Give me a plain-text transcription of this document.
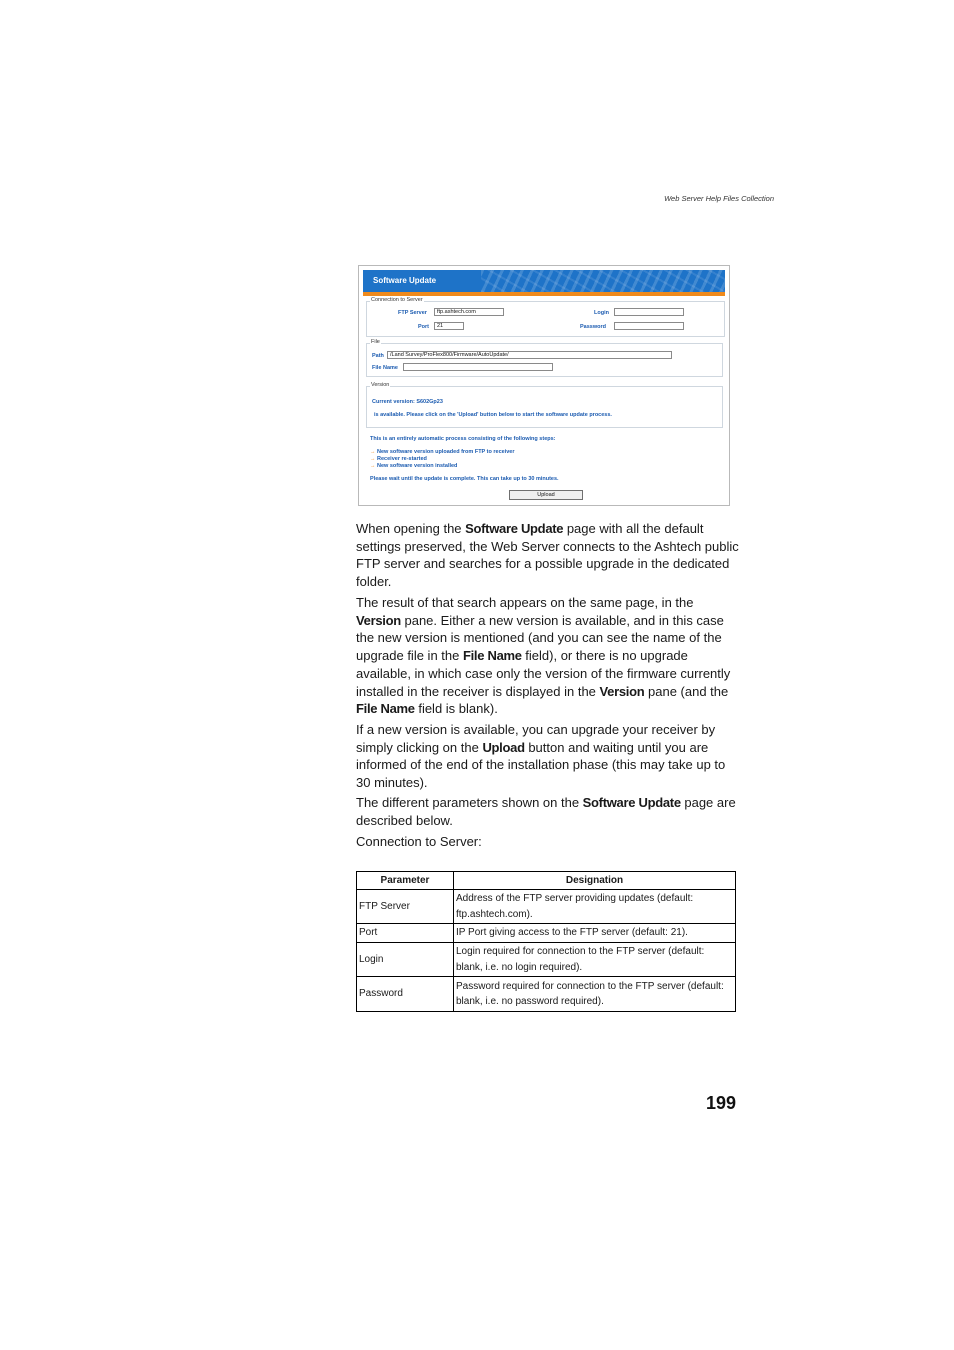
Web Server Help Files Collection
Software Update
Connection to Server
FTP Server	ftp.ashtech.com
Port	21
Login
Password
File
Path	/Land Survey/ProFlex800/Firmware/AutoUpdate/
File Name
Version
Current version: S602Gp23
is available. Please click on the 'Upload' button below to start the software update process.
This is an entirely automatic process consisting of the following steps:
→ New software version uploaded from FTP to receiver
→ Receiver re-started
→ New software version installed
Please wait until the update is complete. This can take up to 30 minutes.
Upload

When opening the Software Update page with all the default settings preserved, the Web Server connects to the Ashtech public FTP server and searches for a possible upgrade in the dedicated folder.

The result of that search appears on the same page, in the Version pane. Either a new version is available, and in this case the new version is mentioned (and you can see the name of the upgrade file in the File Name field), or there is no upgrade available, in which case only the version of the firmware currently installed in the receiver is displayed in the Version pane (and the File Name field is blank).

If a new version is available, you can upgrade your receiver by simply clicking on the Upload button and waiting until you are informed of the end of the installation phase (this may take up to 30 minutes).

The different parameters shown on the Software Update page are described below.

Connection to Server:

Parameter	Designation
FTP Server	Address of the FTP server providing updates (default: ftp.ashtech.com).
Port	IP Port giving access to the FTP server (default: 21).
Login	Login required for connection to the FTP server (default: blank, i.e. no login required).
Password	Password required for connection to the FTP server (default: blank, i.e. no password required).
199
